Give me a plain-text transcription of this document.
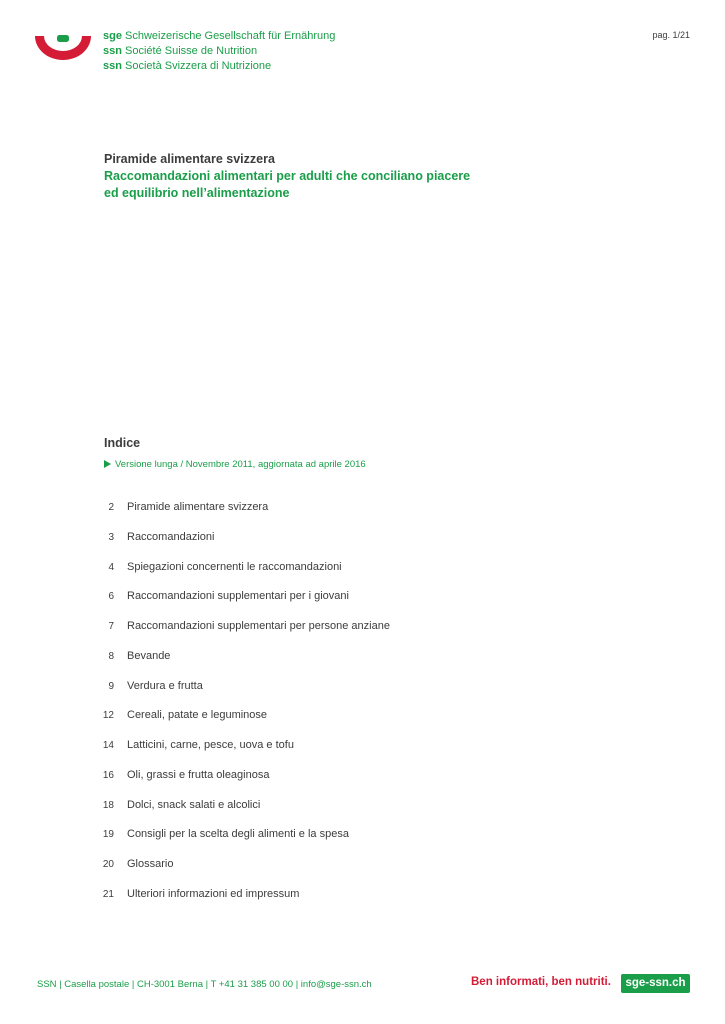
sge Schweizerische Gesellschaft für Ernährung
ssn Société Suisse de Nutrition
ssn Società Svizzera di Nutrizione
pag. 1/21
Piramide alimentare svizzera
Raccomandazioni alimentari per adulti che conciliano piacere ed equilibrio nell’alimentazione
Indice
Versione lunga / Novembre 2011, aggiornata ad aprile 2016
2 Piramide alimentare svizzera
3 Raccomandazioni
4 Spiegazioni concernenti le raccomandazioni
6 Raccomandazioni supplementari per i giovani
7 Raccomandazioni supplementari per persone anziane
8 Bevande
9 Verdura e frutta
12 Cereali, patate e leguminose
14 Latticini, carne, pesce, uova e tofu
16 Oli, grassi e frutta oleaginosa
18 Dolci, snack salati e alcolici
19 Consigli per la scelta degli alimenti e la spesa
20 Glossario
21 Ulteriori informazioni ed impressum
SSN | Casella postale | CH-3001 Berna | T +41 31 385 00 00 | info@sge-ssn.ch	Ben informati, ben nutriti.	sge-ssn.ch
